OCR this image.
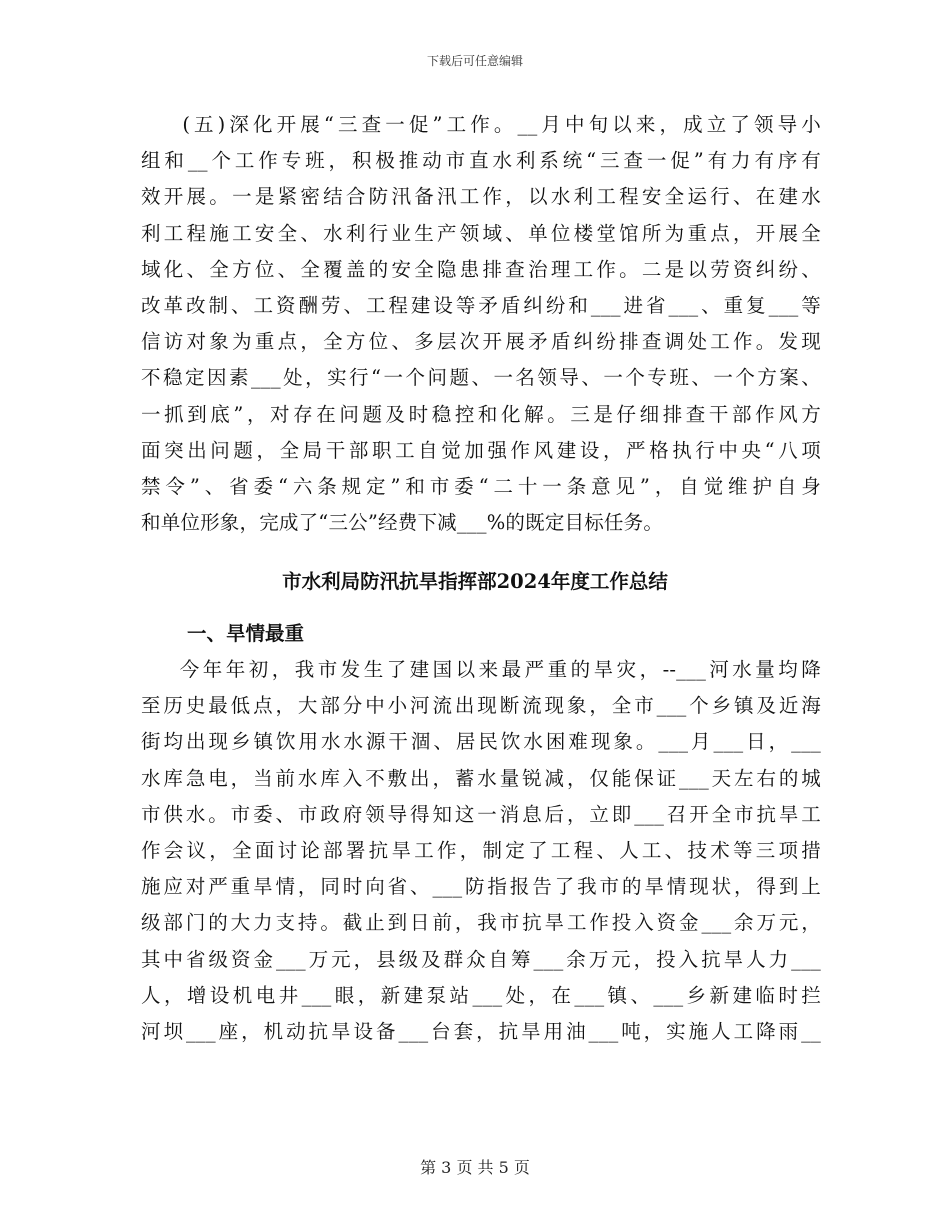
下载后可任意编辑
(五)深化开展“三查一促”工作。__月中旬以来，成立了领导小
组和__个工作专班，积极推动市直水利系统“三查一促”有力有序有
效开展。一是紧密结合防汛备汛工作，以水利工程安全运行、在建水
利工程施工安全、水利行业生产领域、单位楼堂馆所为重点，开展全
域化、全方位、全覆盖的安全隐患排查治理工作。二是以劳资纠纷、
改革改制、工资酬劳、工程建设等矛盾纠纷和___进省___、重复___等
信访对象为重点，全方位、多层次开展矛盾纠纷排查调处工作。发现
不稳定因素___处，实行“一个问题、一名领导、一个专班、一个方案、
一抓到底”，对存在问题及时稳控和化解。三是仔细排查干部作风方
面突出问题，全局干部职工自觉加强作风建设，严格执行中央“八项
禁令”、省委“六条规定”和市委“二十一条意见”，自觉维护自身
和单位形象，完成了“三公”经费下减___%的既定目标任务。
市水利局防汛抗旱指挥部2024年度工作总结
一、旱情最重
今年年初，我市发生了建国以来最严重的旱灾，--___河水量均降
至历史最低点，大部分中小河流出现断流现象，全市___个乡镇及近海
街均出现乡镇饮用水水源干涸、居民饮水困难现象。___月___日，___
水库急电，当前水库入不敷出，蓄水量锐减，仅能保证___天左右的城
市供水。市委、市政府领导得知这一消息后，立即___召开全市抗旱工
作会议，全面讨论部署抗旱工作，制定了工程、人工、技术等三项措
施应对严重旱情，同时向省、___防指报告了我市的旱情现状，得到上
级部门的大力支持。截止到日前，我市抗旱工作投入资金___余万元，
其中省级资金___万元，县级及群众自筹___余万元，投入抗旱人力___
人，增设机电井___眼，新建泵站___处，在___镇、___乡新建临时拦
河坝___座，机动抗旱设备___台套，抗旱用油___吨，实施人工降雨__
第 3 页 共 5 页
